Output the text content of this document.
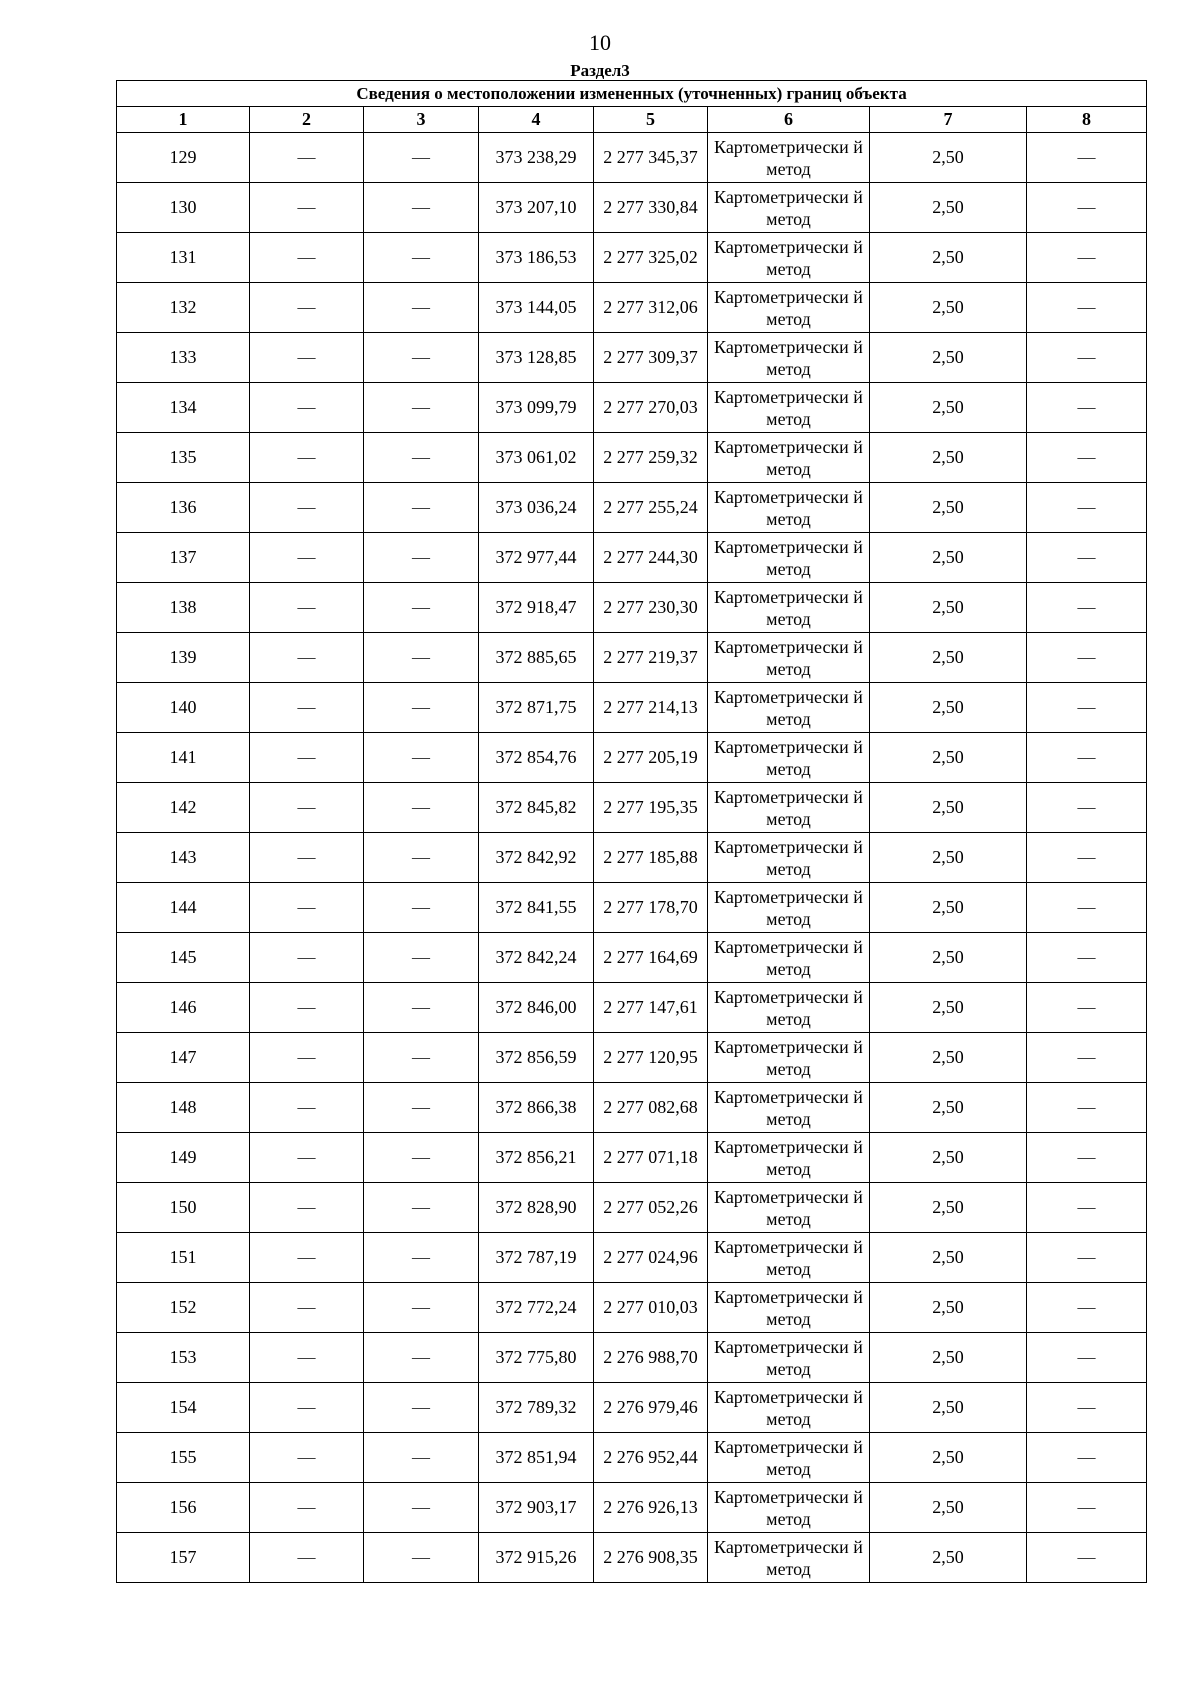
10
Раздел3
Сведения о местоположении измененных (уточненных) границ объекта							
1	2	3	4	5	6	7	8
129	—	—	373 238,29	2 277 345,37	Картометрически й метод	2,50	—
130	—	—	373 207,10	2 277 330,84	Картометрически й метод	2,50	—
131	—	—	373 186,53	2 277 325,02	Картометрически й метод	2,50	—
132	—	—	373 144,05	2 277 312,06	Картометрически й метод	2,50	—
133	—	—	373 128,85	2 277 309,37	Картометрически й метод	2,50	—
134	—	—	373 099,79	2 277 270,03	Картометрически й метод	2,50	—
135	—	—	373 061,02	2 277 259,32	Картометрически й метод	2,50	—
136	—	—	373 036,24	2 277 255,24	Картометрически й метод	2,50	—
137	—	—	372 977,44	2 277 244,30	Картометрически й метод	2,50	—
138	—	—	372 918,47	2 277 230,30	Картометрически й метод	2,50	—
139	—	—	372 885,65	2 277 219,37	Картометрически й метод	2,50	—
140	—	—	372 871,75	2 277 214,13	Картометрически й метод	2,50	—
141	—	—	372 854,76	2 277 205,19	Картометрически й метод	2,50	—
142	—	—	372 845,82	2 277 195,35	Картометрически й метод	2,50	—
143	—	—	372 842,92	2 277 185,88	Картометрически й метод	2,50	—
144	—	—	372 841,55	2 277 178,70	Картометрически й метод	2,50	—
145	—	—	372 842,24	2 277 164,69	Картометрически й метод	2,50	—
146	—	—	372 846,00	2 277 147,61	Картометрически й метод	2,50	—
147	—	—	372 856,59	2 277 120,95	Картометрически й метод	2,50	—
148	—	—	372 866,38	2 277 082,68	Картометрически й метод	2,50	—
149	—	—	372 856,21	2 277 071,18	Картометрически й метод	2,50	—
150	—	—	372 828,90	2 277 052,26	Картометрически й метод	2,50	—
151	—	—	372 787,19	2 277 024,96	Картометрически й метод	2,50	—
152	—	—	372 772,24	2 277 010,03	Картометрически й метод	2,50	—
153	—	—	372 775,80	2 276 988,70	Картометрически й метод	2,50	—
154	—	—	372 789,32	2 276 979,46	Картометрически й метод	2,50	—
155	—	—	372 851,94	2 276 952,44	Картометрически й метод	2,50	—
156	—	—	372 903,17	2 276 926,13	Картометрически й метод	2,50	—
157	—	—	372 915,26	2 276 908,35	Картометрически й метод	2,50	—
